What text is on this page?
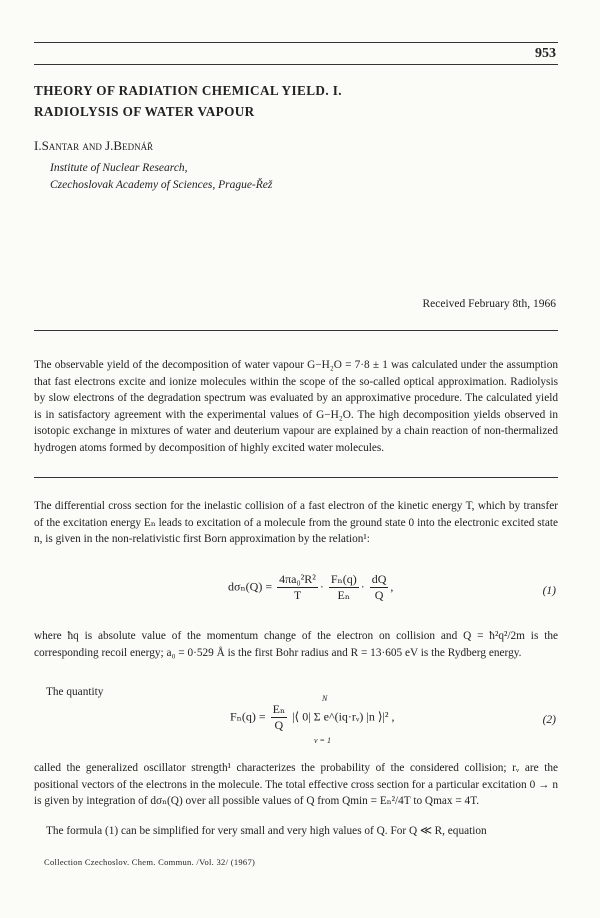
953
THEORY OF RADIATION CHEMICAL YIELD. I.
RADIOLYSIS OF WATER VAPOUR
I.Santar and J.Bednář
Institute of Nuclear Research,
Czechoslovak Academy of Sciences, Prague-Řež
Received February 8th, 1966
The observable yield of the decomposition of water vapour G−H₂O = 7·8 ± 1 was calculated under the assumption that fast electrons excite and ionize molecules within the scope of the so-called optical approximation. Radiolysis by slow electrons of the degradation spectrum was evaluated by an approximative procedure. The calculated yield is in satisfactory agreement with the experimental values of G−H₂O. The high decomposition yields observed in isotopic exchange in mixtures of water and deuterium vapour are explained by a chain reaction of non-thermalized hydrogen atoms formed by decomposition of highly excited water molecules.
The differential cross section for the inelastic collision of a fast electron of the kinetic energy T, which by transfer of the excitation energy Eₙ leads to excitation of a molecule from the ground state 0 into the electronic excited state n, is given in the non-relativistic first Born approximation by the relation¹:
$d\sigma_n(Q) = \frac{\text{4πa₀²R²}}{T} \cdot \frac{\text{Fₙ(q)}}{\text{Eₙ}} \cdot \frac{dQ}{Q}$ ,	(1)
where ħq is absolute value of the momentum change of the electron on collision and Q = ħ²q²/2m is the corresponding recoil energy; a₀ = 0·529 Å is the first Bohr radius and R = 13·605 eV is the Rydberg energy.
The quantity
$F_n(q) = \frac{\text{Eₙ}}{Q}$ |⟨ 0| Σ e^(iq·rᵥ) |n ⟩|² ,
N
ν = 1
(2)
called the generalized oscillator strength¹ characterizes the probability of the considered collision; rᵥ are the positional vectors of the electrons in the molecule. The total effective cross section for a particular excitation 0 → n is given by integration of dσₙ(Q) over all possible values of Q from Qmin = Eₙ²/4T to Qmax = 4T.
The formula (1) can be simplified for very small and very high values of Q. For Q ≪ R, equation
Collection Czechoslov. Chem. Commun. /Vol. 32/ (1967)
